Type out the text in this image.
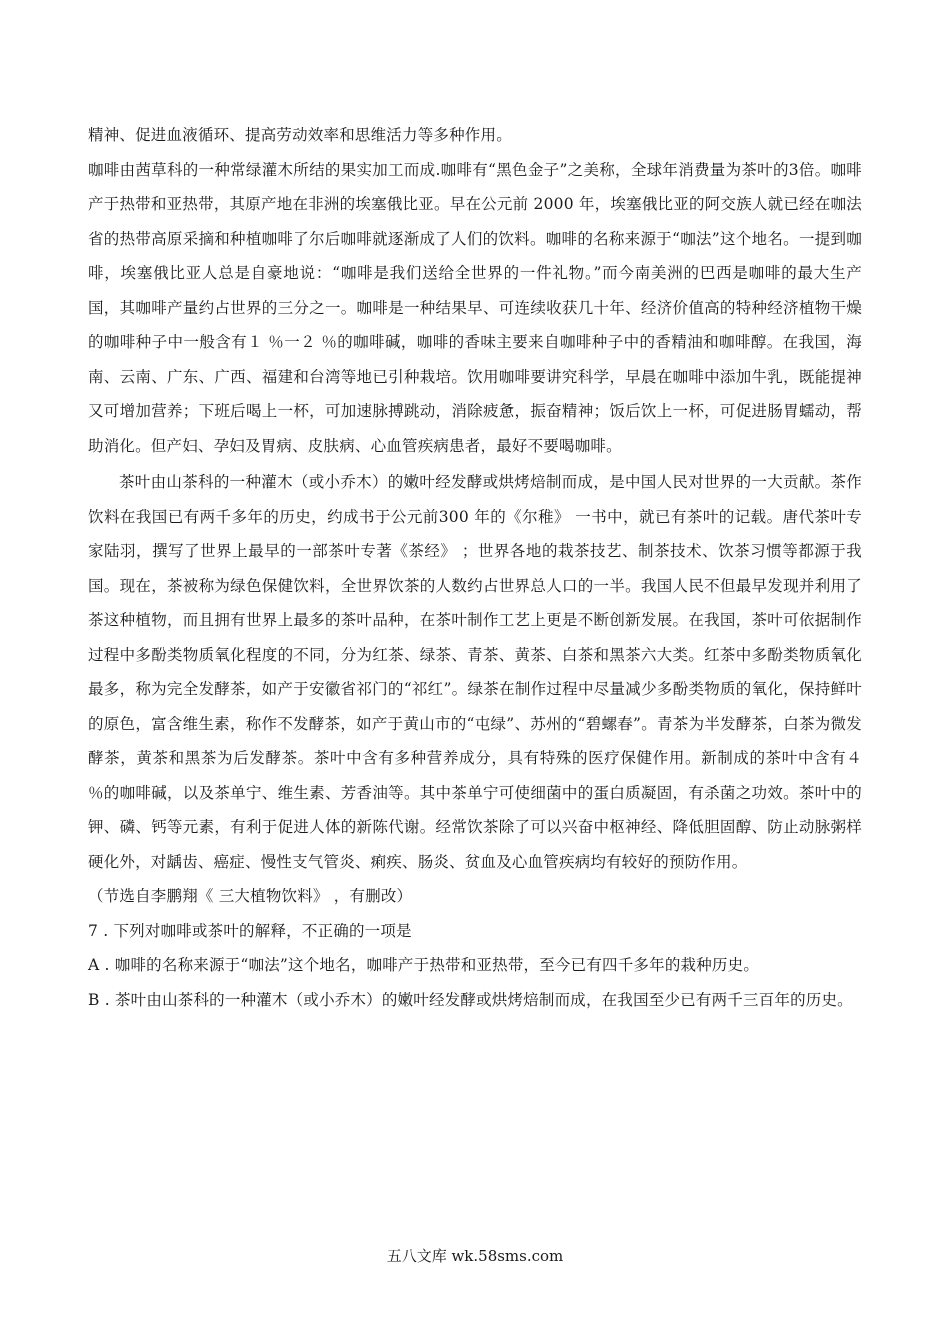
精神、促进血液循环、提高劳动效率和思维活力等多种作用。

咖啡由茜草科的一种常绿灌木所结的果实加工而成.咖啡有“黑色金子”之美称，全球年消费量为茶叶的3倍。咖啡产于热带和亚热带，其原产地在非洲的埃塞俄比亚。早在公元前 2000 年，埃塞俄比亚的阿交族人就已经在咖法省的热带高原采摘和种植咖啡了尔后咖啡就逐渐成了人们的饮料。咖啡的名称来源于“咖法”这个地名。一提到咖啡，埃塞俄比亚人总是自豪地说：“咖啡是我们送给全世界的一件礼物。”而今南美洲的巴西是咖啡的最大生产国，其咖啡产量约占世界的三分之一。咖啡是一种结果早、可连续收获几十年、经济价值高的特种经济植物干燥的咖啡种子中一般含有１ ％一２ ％的咖啡碱，咖啡的香味主要来自咖啡种子中的香精油和咖啡醇。在我国，海南、云南、广东、广西、福建和台湾等地已引种栽培。饮用咖啡要讲究科学，早晨在咖啡中添加牛乳，既能提神又可增加营养；下班后喝上一杯，可加速脉搏跳动，消除疲惫，振奋精神；饭后饮上一杯，可促进肠胃蠕动，帮助消化。但产妇、孕妇及胃病、皮肤病、心血管疾病患者，最好不要喝咖啡。

茶叶由山茶科的一种灌木（或小乔木）的嫩叶经发酵或烘烤焙制而成，是中国人民对世界的一大贡献。茶作饮料在我国已有两千多年的历史，约成书于公元前300 年的《尔稚》 一书中，就已有茶叶的记载。唐代茶叶专家陆羽，撰写了世界上最早的一部茶叶专著《茶经》 ；世界各地的栽茶技艺、制茶技术、饮茶习惯等都源于我国。现在，茶被称为绿色保健饮料，全世界饮茶的人数约占世界总人口的一半。我国人民不但最早发现并利用了茶这种植物，而且拥有世界上最多的茶叶品种，在茶叶制作工艺上更是不断创新发展。在我国，茶叶可依据制作过程中多酚类物质氧化程度的不同，分为红茶、绿茶、青茶、黄茶、白茶和黑茶六大类。红茶中多酚类物质氧化最多，称为完全发酵茶，如产于安徽省祁门的“祁红”。绿茶在制作过程中尽量减少多酚类物质的氧化，保持鲜叶的原色，富含维生素，称作不发酵茶，如产于黄山市的“屯绿”、苏州的“碧螺春”。青茶为半发酵茶，白茶为微发酵茶，黄茶和黑茶为后发酵茶。茶叶中含有多种营养成分，具有特殊的医疗保健作用。新制成的茶叶中含有４ ％的咖啡碱，以及茶单宁、维生素、芳香油等。其中茶单宁可使细菌中的蛋白质凝固，有杀菌之功效。茶叶中的钾、磷、钙等元素，有利于促进人体的新陈代谢。经常饮茶除了可以兴奋中枢神经、降低胆固醇、防止动脉粥样硬化外，对龋齿、癌症、慢性支气管炎、痢疾、肠炎、贫血及心血管疾病均有较好的预防作用。

（节选自李鹏翔《 三大植物饮料》 ，有删改）

7 . 下列对咖啡或茶叶的解释，不正确的一项是

A . 咖啡的名称来源于“咖法”这个地名，咖啡产于热带和亚热带，至今已有四千多年的栽种历史。

B . 茶叶由山茶科的一种灌木（或小乔木）的嫩叶经发酵或烘烤焙制而成，在我国至少已有两千三百年的历史。

五八文库 wk.58sms.com
